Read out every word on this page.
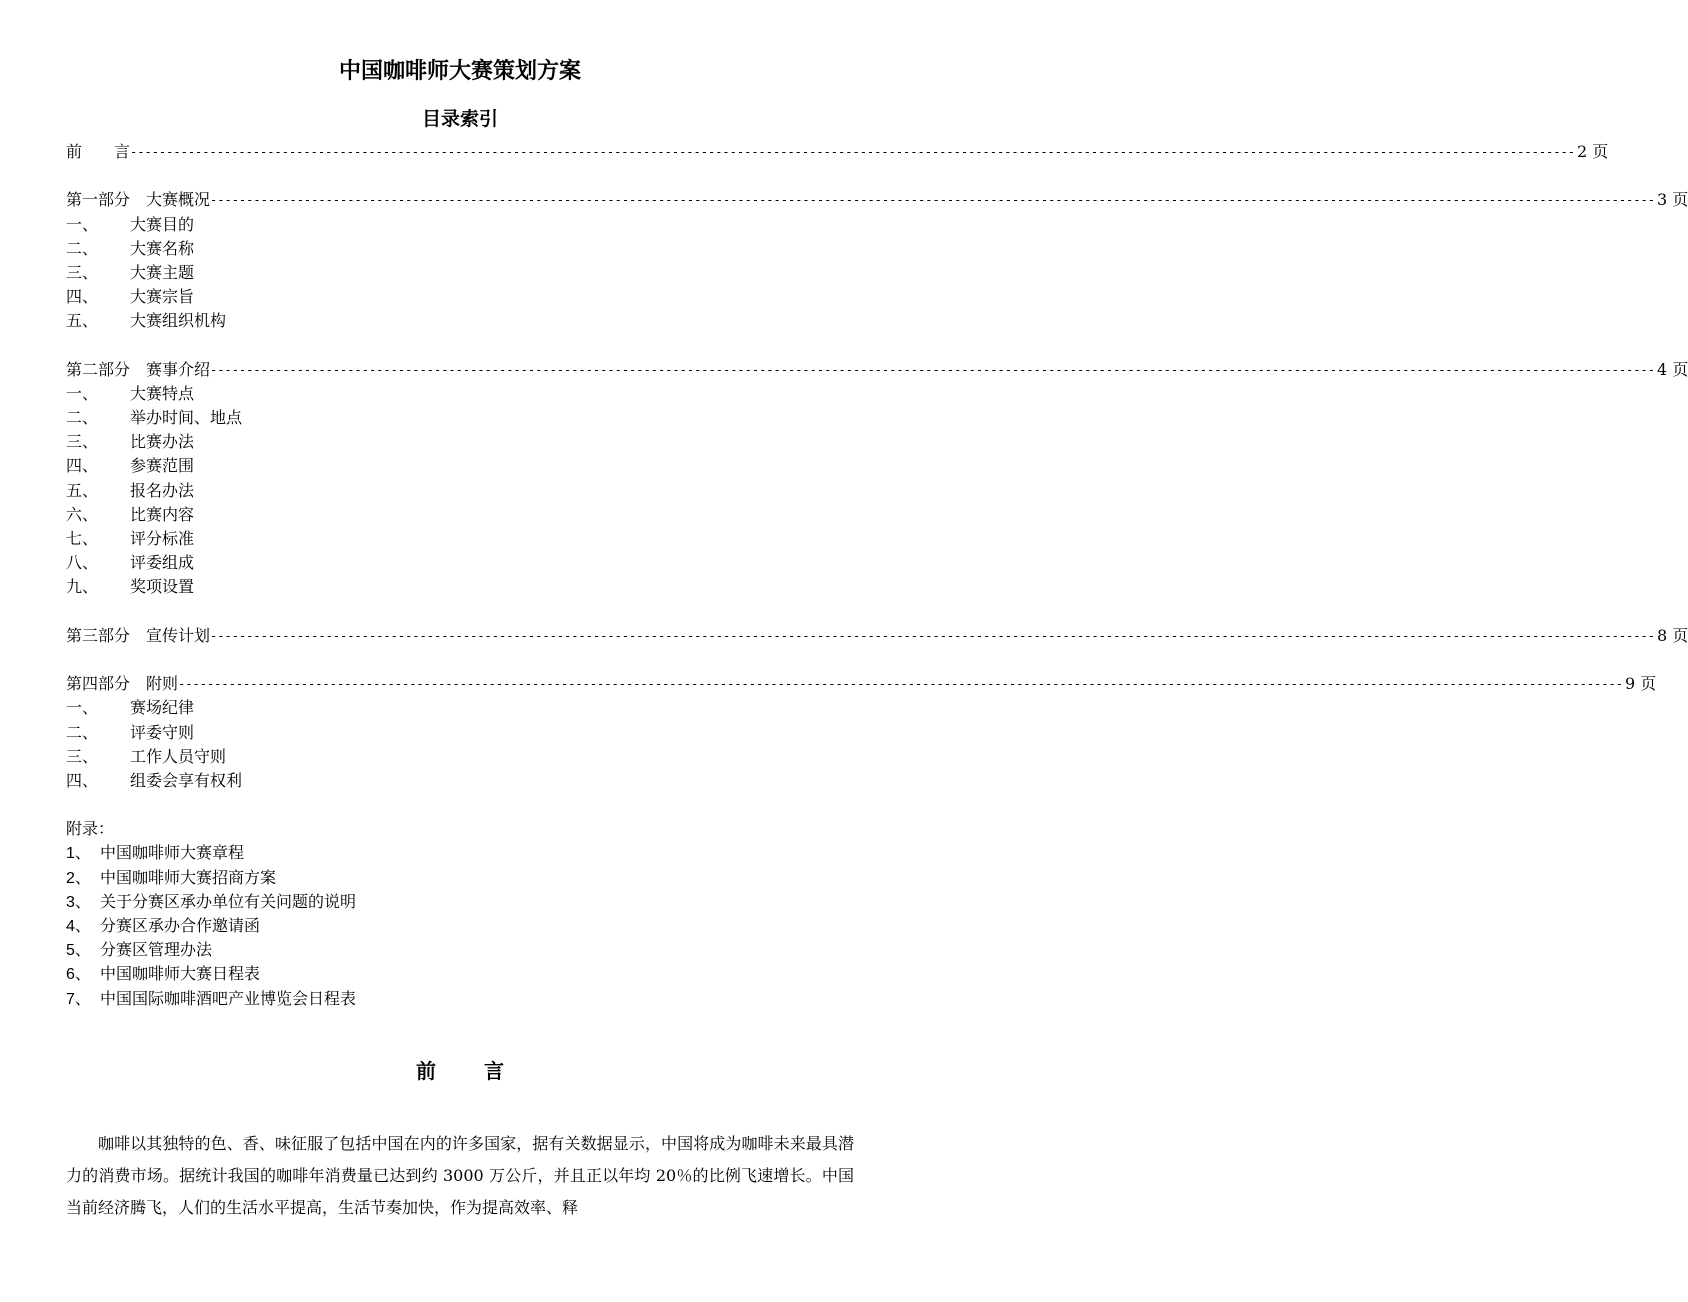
中国咖啡师大赛策划方案
目录索引
前　　言 -------------------------------------------------------------------------------------------------------------------------------------------------------------------------------------------------------- 2 页
第一部分　大赛概况 -------------------------------------------------------------------------------------------------------------------------------------------------------------------------------------------------------- 3 页
一、 大赛目的
二、 大赛名称
三、 大赛主题
四、 大赛宗旨
五、 大赛组织机构
第二部分　赛事介绍 -------------------------------------------------------------------------------------------------------------------------------------------------------------------------------------------------------- 4 页
一、 大赛特点
二、 举办时间、地点
三、 比赛办法
四、 参赛范围
五、 报名办法
六、 比赛内容
七、 评分标准
八、 评委组成
九、 奖项设置
第三部分　宣传计划 -------------------------------------------------------------------------------------------------------------------------------------------------------------------------------------------------------- 8 页
第四部分　附则 -------------------------------------------------------------------------------------------------------------------------------------------------------------------------------------------------------- 9 页
一、 赛场纪律
二、 评委守则
三、 工作人员守则
四、 组委会享有权利
附录：
1、 中国咖啡师大赛章程
2、 中国咖啡师大赛招商方案
3、 关于分赛区承办单位有关问题的说明
4、 分赛区承办合作邀请函
5、 分赛区管理办法
6、 中国咖啡师大赛日程表
7、 中国国际咖啡酒吧产业博览会日程表
前 言
咖啡以其独特的色、香、味征服了包括中国在内的许多国家，据有关数据显示，中国将成为咖啡未来最具潜力的消费市场。据统计我国的咖啡年消费量已达到约 3000 万公斤，并且正以年均 20％的比例飞速增长。中国当前经济腾飞，人们的生活水平提高，生活节奏加快，作为提高效率、释
